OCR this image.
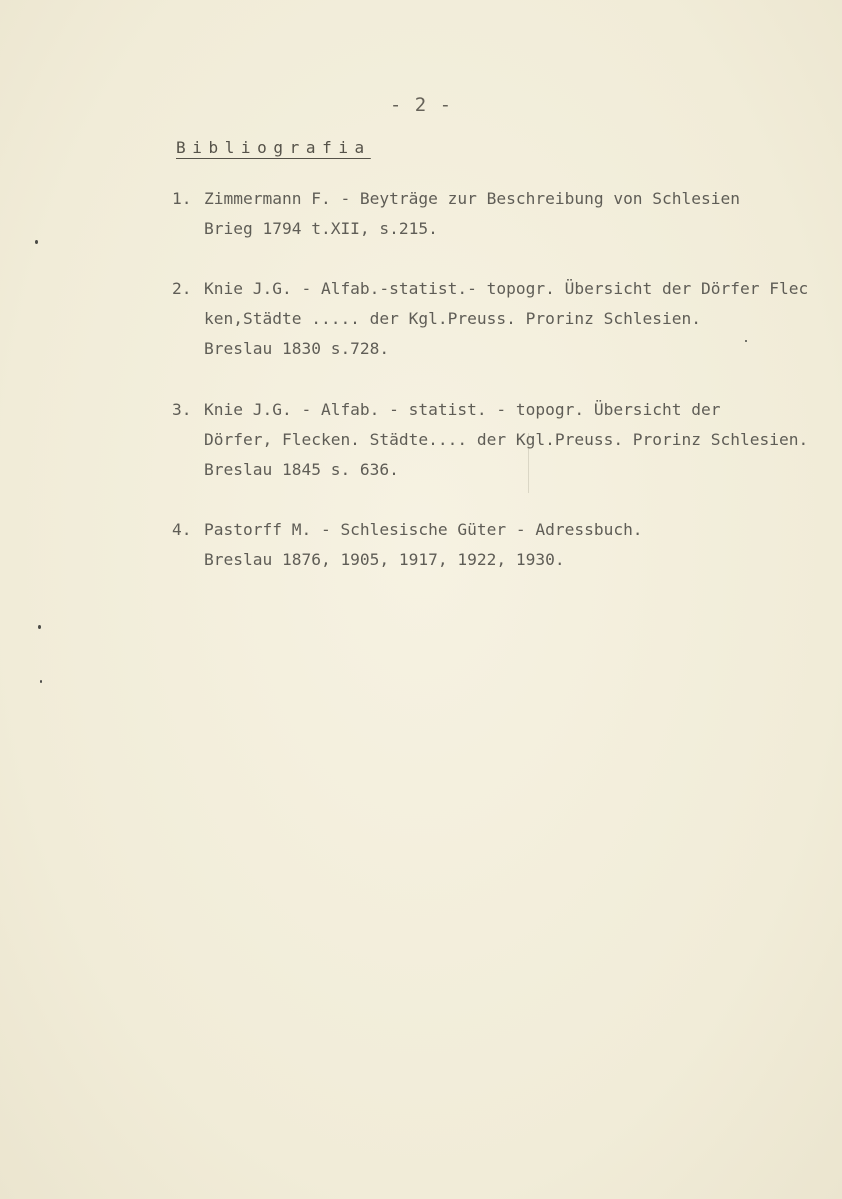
- 2 -
Bibliografia
1. Zimmermann F. - Beyträge zur Beschreibung von Schlesien
Brieg 1794 t.XII, s.215.
2. Knie J.G. - Alfab.-statist.- topogr. Übersicht der Dörfer Flec
ken,Städte ..... der Kgl.Preuss. Prorinz Schlesien.
Breslau 1830 s.728.
3. Knie J.G. - Alfab. - statist. - topogr. Übersicht der
Dörfer, Flecken. Städte.... der Kgl.Preuss. Prorinz Schlesien.
Breslau 1845 s. 636.
4. Pastorff M. - Schlesische Güter - Adressbuch.
Breslau 1876, 1905, 1917, 1922, 1930.
